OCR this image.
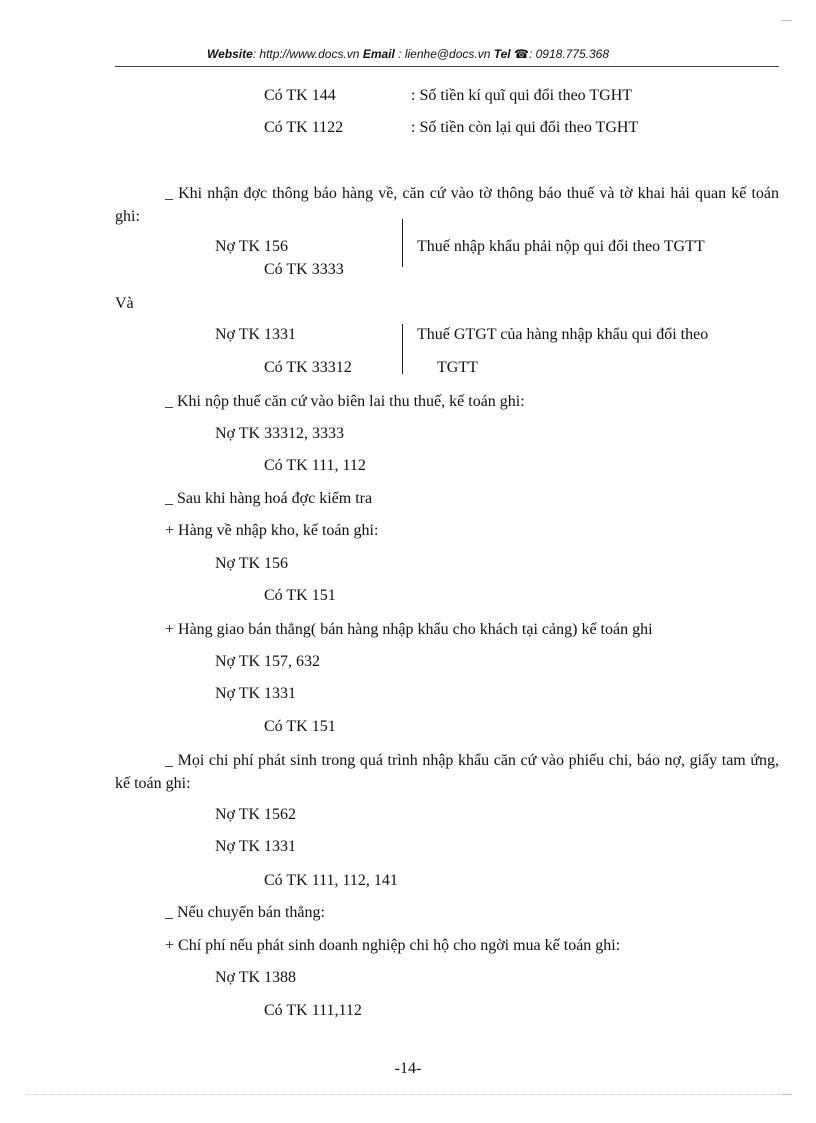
Website: http://www.docs.vn Email : lienhe@docs.vn Tel ☎: 0918.775.368
Có TK 144	: Số tiền kí quĩ qui đổi theo TGHT
Có TK 1122	: Số tiền còn lại qui đổi theo TGHT
_ Khi nhận đợc thông báo hàng về, căn cứ vào tờ thông báo thuế và tờ khai hải quan kế toán ghi:
Nợ TK 156
Có TK 3333
Thuế nhập khẩu phải nộp qui đổi theo TGTT
Và
Nợ TK 1331
Có TK 33312
Thuế GTGT của hàng nhập khẩu qui đổi theo
TGTT
_ Khi nộp thuế căn cứ vào biên lai thu thuế, kế toán ghi:
Nợ TK 33312, 3333
Có TK 111, 112
_ Sau khi hàng hoá đợc kiểm tra
+ Hàng về nhập kho, kế toán ghi:
Nợ TK 156
Có TK 151
+ Hàng giao bán thẳng( bán hàng nhập khẩu cho khách tại cảng) kế toán ghi
Nợ TK 157, 632
Nợ TK 1331
Có TK 151
_ Mọi chi phí phát sinh trong quá trình nhập khẩu căn cứ vào phiếu chi, báo nợ, giấy tam ứng, kế toán ghi:
Nợ TK 1562
Nợ TK 1331
Có TK 111, 112, 141
_ Nếu chuyển bán thẳng:
+ Chí phí nếu phát sinh doanh nghiệp chi hộ cho ngời mua kế toán ghi:
Nợ TK 1388
Có TK 111,112
-14-
